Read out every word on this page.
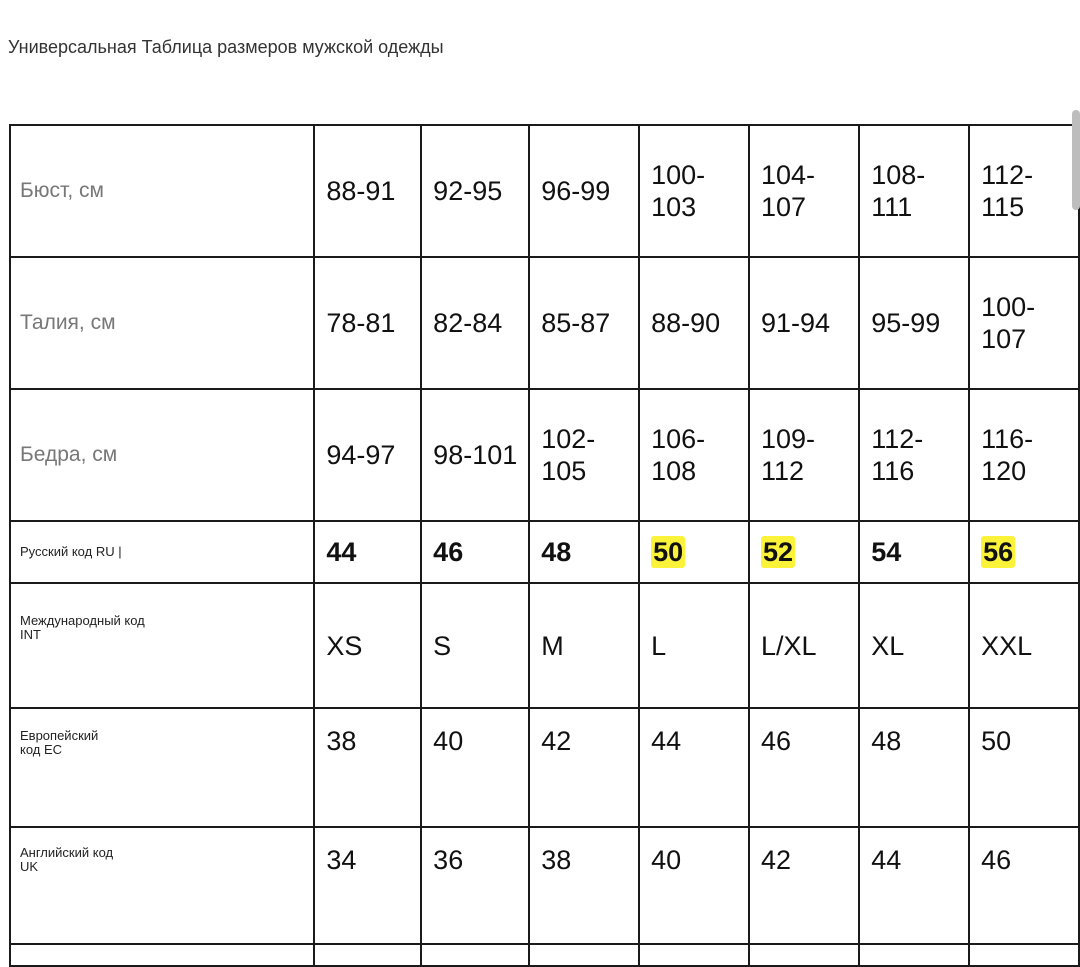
Универсальная Таблица размеров мужской одежды
Бюст, см	88-91	92-95	96-99	100-103	104-107	108-111	112-115
Талия, см	78-81	82-84	85-87	88-90	91-94	95-99	100-107
Бедра, см	94-97	98-101	102-105	106-108	109-112	112-116	116-120
Русский код RU |	44	46	48	50	52	54	56
Международный код INT	XS	S	M	L	L/XL	XL	XXL
Европейский код EC	38	40	42	44	46	48	50
Английский код UK	34	36	38	40	42	44	46
